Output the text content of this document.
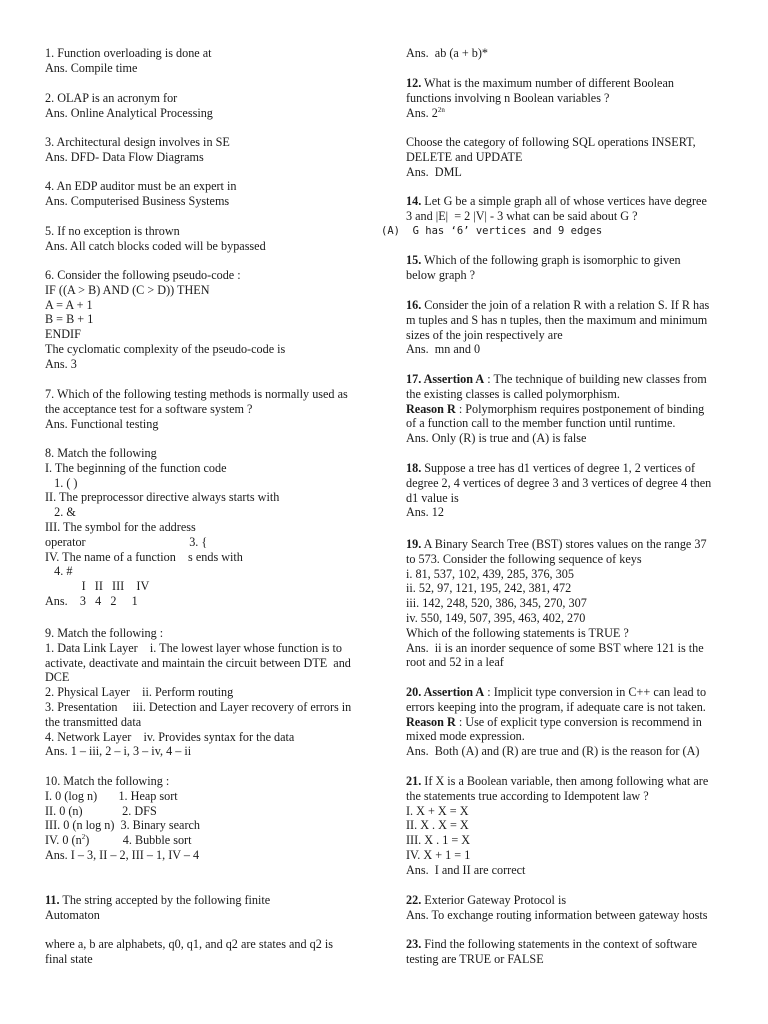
1. Function overloading is done at
Ans. Compile time
2. OLAP is an acronym for
Ans. Online Analytical Processing
3. Architectural design involves in SE
Ans. DFD- Data Flow Diagrams
4. An EDP auditor must be an expert in
Ans. Computerised Business Systems
5. If no exception is thrown
Ans. All catch blocks coded will be bypassed
6. Consider the following pseudo-code :
IF ((A > B) AND (C > D)) THEN
A = A + 1
B = B + 1
ENDIF
The cyclomatic complexity of the pseudo-code is
Ans. 3
7. Which of the following testing methods is normally used as
the acceptance test for a software system ?
Ans. Functional testing
8. Match the following
I. The beginning of the function code
1. ( )
II. The preprocessor directive always starts with
2. &
III. The symbol for the address
operator                                  3. {
IV. The name of a function    s ends with
4. #
I   II   III    IV
Ans.    3   4   2     1
9. Match the following :
1. Data Link Layer    i. The lowest layer whose function is to
activate, deactivate and maintain the circuit between DTE  and
DCE
2. Physical Layer    ii. Perform routing
3. Presentation     iii. Detection and Layer recovery of errors in
the transmitted data
4. Network Layer    iv. Provides syntax for the data
Ans. 1 – iii, 2 – i, 3 – iv, 4 – ii
10. Match the following :
I. 0 (log n)       1. Heap sort
II. 0 (n)             2. DFS
III. 0 (n log n)  3. Binary search
IV. 0 $(n^2)$           4. Bubble sort
Ans. I – 3, II – 2, III – 1, IV – 4
11. The string accepted by the following finite
Automaton
where a, b are alphabets, q0, q1, and q2 are states and q2 is
final state
Ans.  ab (a + b)*
12. What is the maximum number of different Boolean
functions involving n Boolean variables ?
Ans. $2^{2n}$
Choose the category of following SQL operations INSERT,
DELETE and UPDATE
Ans.  DML
14. Let G be a simple graph all of whose vertices have degree
3 and |E|  = 2 |V| - 3 what can be said about G ?
(A)  G has ‘6’ vertices and 9 edges
15. Which of the following graph is isomorphic to given
below graph ?
16. Consider the join of a relation R with a relation S. If R has
m tuples and S has n tuples, then the maximum and minimum
sizes of the join respectively are
Ans.  mn and 0
17. Assertion A : The technique of building new classes from
the existing classes is called polymorphism.
Reason R : Polymorphism requires postponement of binding
of a function call to the member function until runtime.
Ans. Only (R) is true and (A) is false
18. Suppose a tree has d1 vertices of degree 1, 2 vertices of
degree 2, 4 vertices of degree 3 and 3 vertices of degree 4 then
d1 value is
Ans. 12
19. A Binary Search Tree (BST) stores values on the range 37
to 573. Consider the following sequence of keys
i. 81, 537, 102, 439, 285, 376, 305
ii. 52, 97, 121, 195, 242, 381, 472
iii. 142, 248, 520, 386, 345, 270, 307
iv. 550, 149, 507, 395, 463, 402, 270
Which of the following statements is TRUE ?
Ans.  ii is an inorder sequence of some BST where 121 is the
root and 52 in a leaf
20. Assertion A : Implicit type conversion in C++ can lead to
errors keeping into the program, if adequate care is not taken.
Reason R : Use of explicit type conversion is recommend in
mixed mode expression.
Ans.  Both (A) and (R) are true and (R) is the reason for (A)
21. If X is a Boolean variable, then among following what are
the statements true according to Idempotent law ?
I. X + X = X
II. X . X = X
III. X . 1 = X
IV. X + 1 = 1
Ans.  I and II are correct
22. Exterior Gateway Protocol is
Ans. To exchange routing information between gateway hosts
23. Find the following statements in the context of software
testing are TRUE or FALSE
